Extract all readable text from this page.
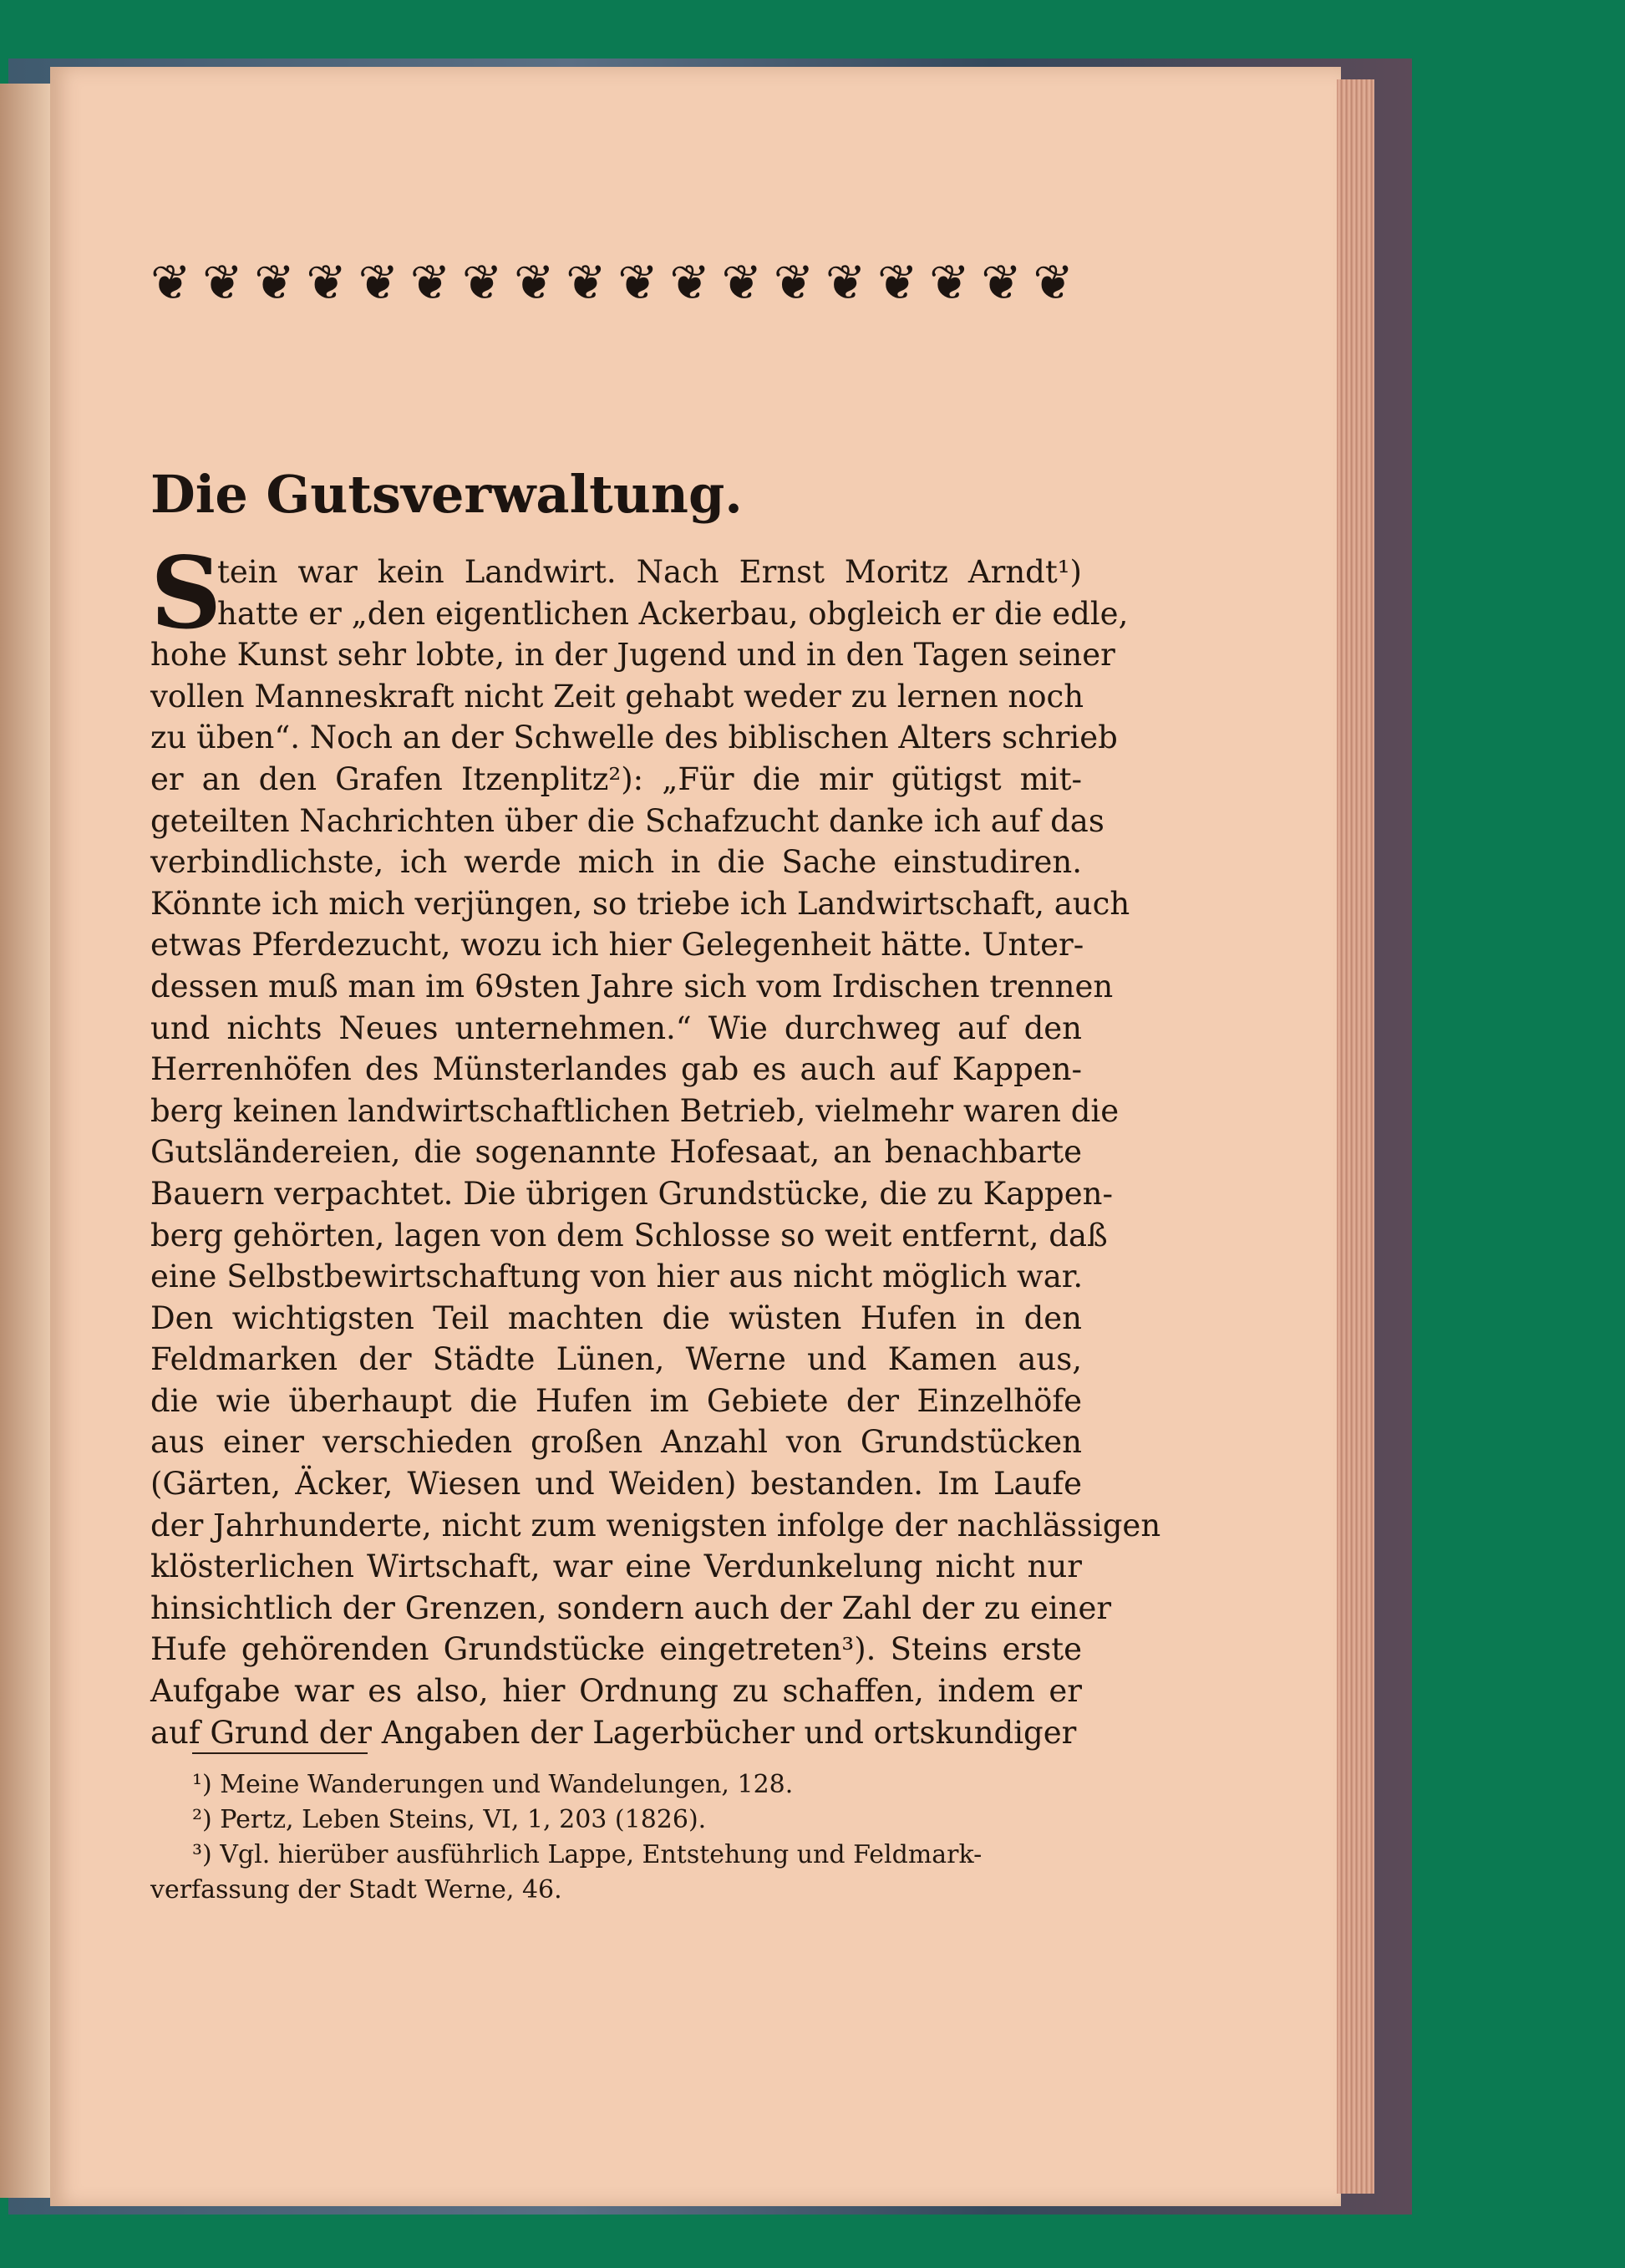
❦ ❦ ❦ ❦ ❦ ❦ ❦ ❦ ❦ ❦ ❦ ❦ ❦ ❦ ❦ ❦ ❦ ❦
Die Gutsverwaltung.
S
tein war kein Landwirt. Nach Ernst Moritz Arndt¹)
hatte er „den eigentlichen Ackerbau, obgleich er die edle,
hohe Kunst sehr lobte, in der Jugend und in den Tagen seiner
vollen Manneskraft nicht Zeit gehabt weder zu lernen noch
zu üben“. Noch an der Schwelle des biblischen Alters schrieb
er an den Grafen Itzenplitz²): „Für die mir gütigst mit-
geteilten Nachrichten über die Schafzucht danke ich auf das
verbindlichste, ich werde mich in die Sache einstudiren.
Könnte ich mich verjüngen, so triebe ich Landwirtschaft, auch
etwas Pferdezucht, wozu ich hier Gelegenheit hätte. Unter-
dessen muß man im 69sten Jahre sich vom Irdischen trennen
und nichts Neues unternehmen.“ Wie durchweg auf den
Herrenhöfen des Münsterlandes gab es auch auf Kappen-
berg keinen landwirtschaftlichen Betrieb, vielmehr waren die
Gutsländereien, die sogenannte Hofesaat, an benachbarte
Bauern verpachtet. Die übrigen Grundstücke, die zu Kappen-
berg gehörten, lagen von dem Schlosse so weit entfernt, daß
eine Selbstbewirtschaftung von hier aus nicht möglich war.
Den wichtigsten Teil machten die wüsten Hufen in den
Feldmarken der Städte Lünen, Werne und Kamen aus,
die wie überhaupt die Hufen im Gebiete der Einzelhöfe
aus einer verschieden großen Anzahl von Grundstücken
(Gärten, Äcker, Wiesen und Weiden) bestanden. Im Laufe
der Jahrhunderte, nicht zum wenigsten infolge der nachlässigen
klösterlichen Wirtschaft, war eine Verdunkelung nicht nur
hinsichtlich der Grenzen, sondern auch der Zahl der zu einer
Hufe gehörenden Grundstücke eingetreten³). Steins erste
Aufgabe war es also, hier Ordnung zu schaffen, indem er
auf Grund der Angaben der Lagerbücher und ortskundiger
¹) Meine Wanderungen und Wandelungen, 128.
²) Pertz, Leben Steins, VI, 1, 203 (1826).
³) Vgl. hierüber ausführlich Lappe, Entstehung und Feldmark-
verfassung der Stadt Werne, 46.
